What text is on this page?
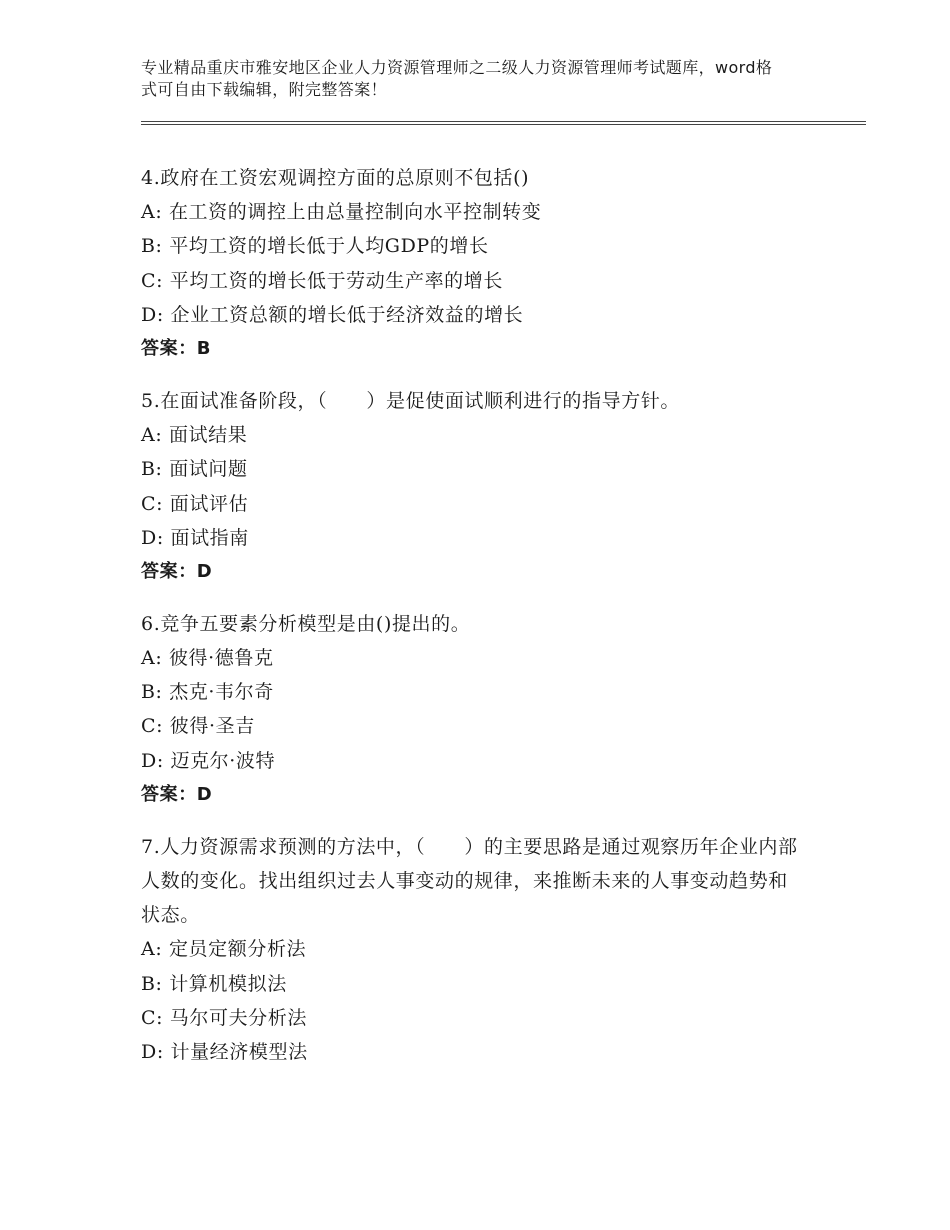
专业精品重庆市雅安地区企业人力资源管理师之二级人力资源管理师考试题库，word格式可自由下载编辑，附完整答案！
4.政府在工资宏观调控方面的总原则不包括()
A: 在工资的调控上由总量控制向水平控制转变
B: 平均工资的增长低于人均GDP的增长
C: 平均工资的增长低于劳动生产率的增长
D: 企业工资总额的增长低于经济效益的增长
答案：B
5.在面试准备阶段，（　　）是促使面试顺利进行的指导方针。
A: 面试结果
B: 面试问题
C: 面试评估
D: 面试指南
答案：D
6.竞争五要素分析模型是由()提出的。
A: 彼得·德鲁克
B: 杰克·韦尔奇
C: 彼得·圣吉
D: 迈克尔·波特
答案：D
7.人力资源需求预测的方法中，（　　）的主要思路是通过观察历年企业内部人数的变化。找出组织过去人事变动的规律，来推断未来的人事变动趋势和状态。
A: 定员定额分析法
B: 计算机模拟法
C: 马尔可夫分析法
D: 计量经济模型法
